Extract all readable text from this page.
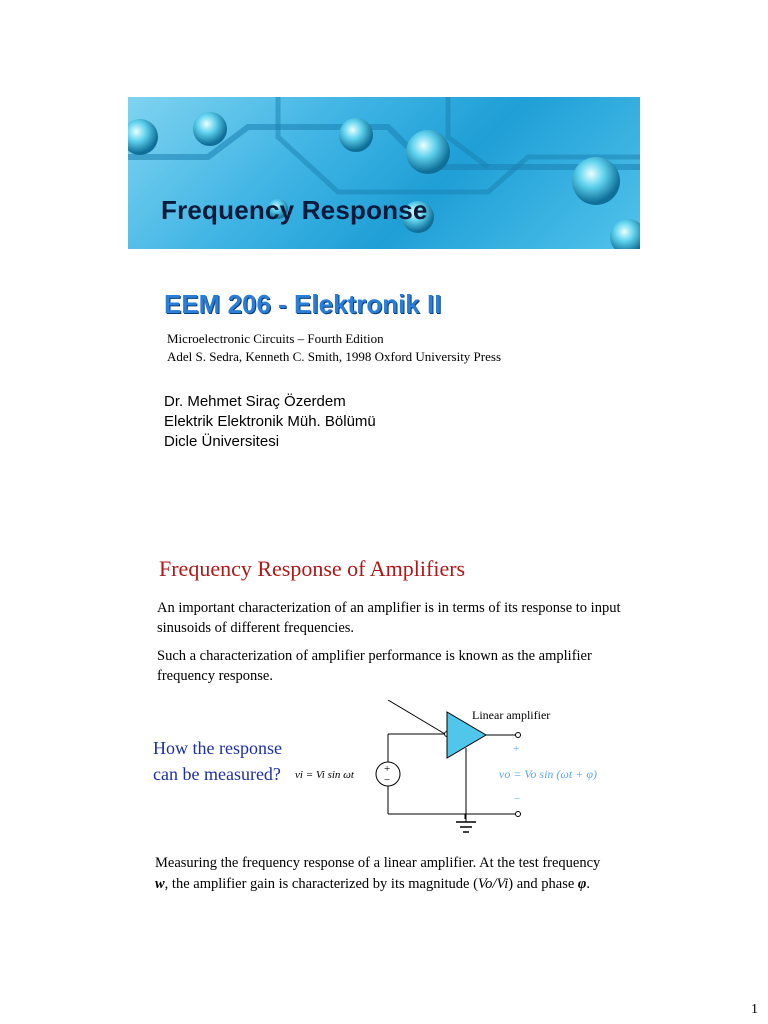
Frequency Response
EEM 206 - Elektronik II
Microelectronic Circuits – Fourth Edition
Adel S. Sedra, Kenneth C. Smith, 1998 Oxford University Press
Dr. Mehmet Siraç Özerdem
Elektrik Elektronik Müh. Bölümü
Dicle Üniversitesi
Frequency Response of Amplifiers
An important characterization of an amplifier is in terms of its response to input sinusoids of different frequencies.
Such a characterization of amplifier performance is known as the amplifier frequency response.
How the response can be measured?	+
−
Linear amplifier
vi = Vi sin ωt	vo = Vo sin (ωt + φ)
+
−
Measuring the frequency response of a linear amplifier. At the test frequency w, the amplifier gain is characterized by its magnitude (Vo/Vi) and phase φ.
1
